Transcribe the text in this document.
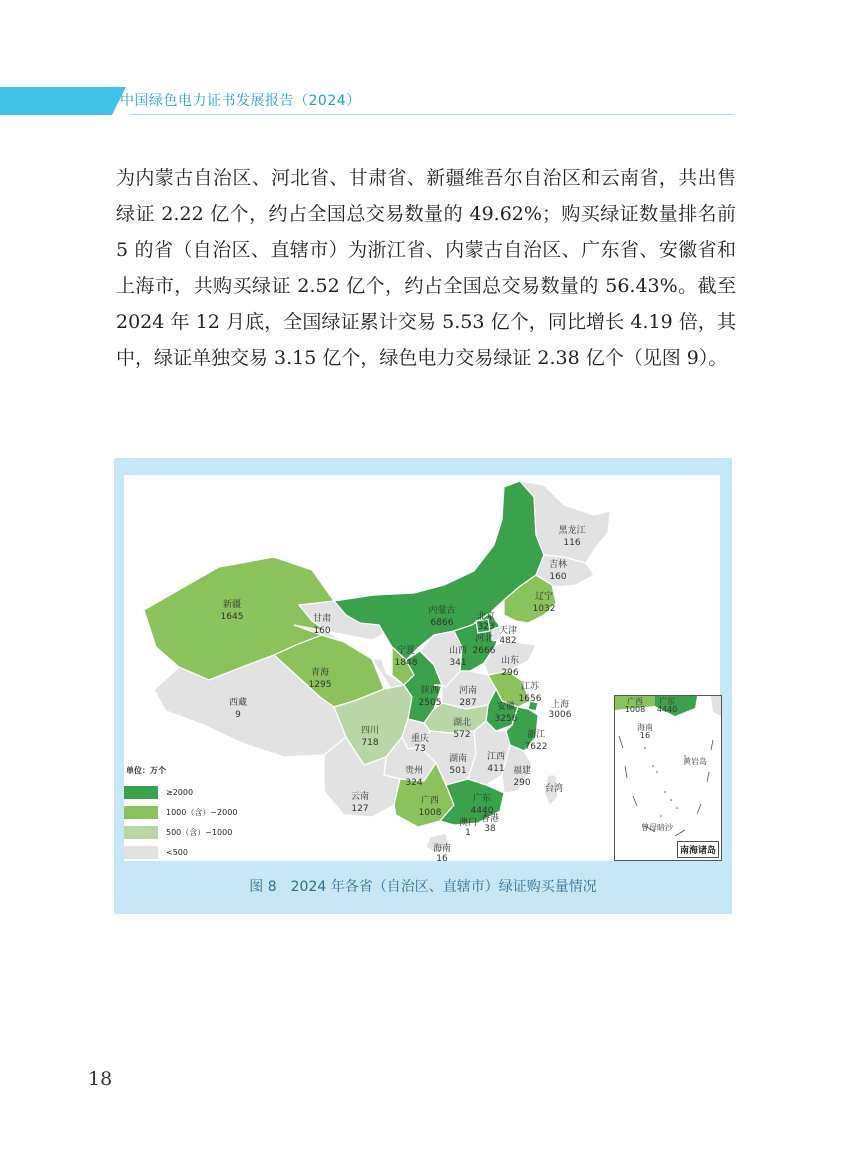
中国绿色电力证书发展报告（2024）

为内蒙古自治区、河北省、甘肃省、新疆维吾尔自治区和云南省，共出售绿证 2.22 亿个，约占全国总交易数量的 49.62%；购买绿证数量排名前 5 的省（自治区、直辖市）为浙江省、内蒙古自治区、广东省、安徽省和上海市，共购买绿证 2.52 亿个，约占全国总交易数量的 56.43%。截至 2024 年 12 月底，全国绿证累计交易 5.53 亿个，同比增长 4.19 倍，其中，绿证单独交易 3.15 亿个，绿色电力交易绿证 2.38 亿个（见图 9）。

黑龙江
116
吉林
160
辽宁
1032
内蒙古
6866
北京
323 天津
482
河北
2666
新疆
1645	甘肃
160
宁夏
1848
山西
341	山东
296
青海
1295
陕西
2505
河南
287
江苏
1656
安徽
3256
上海
3006
西藏
9
四川
718
湖北
572
重庆
73
浙江
7622
湖南
501
江西
411
贵州
324
福建
290
云南
127
广西
1008
广东
4440
台湾
澳门
1
香港
38
海南
16
单位：万个
≥2000
1000（含）~2000
500（含）~1000
<500
广西
1008
广东
4440
海南
16
黄岩岛
曾母暗沙
南海诸岛
图 8　2024 年各省（自治区、直辖市）绿证购买量情况
18
